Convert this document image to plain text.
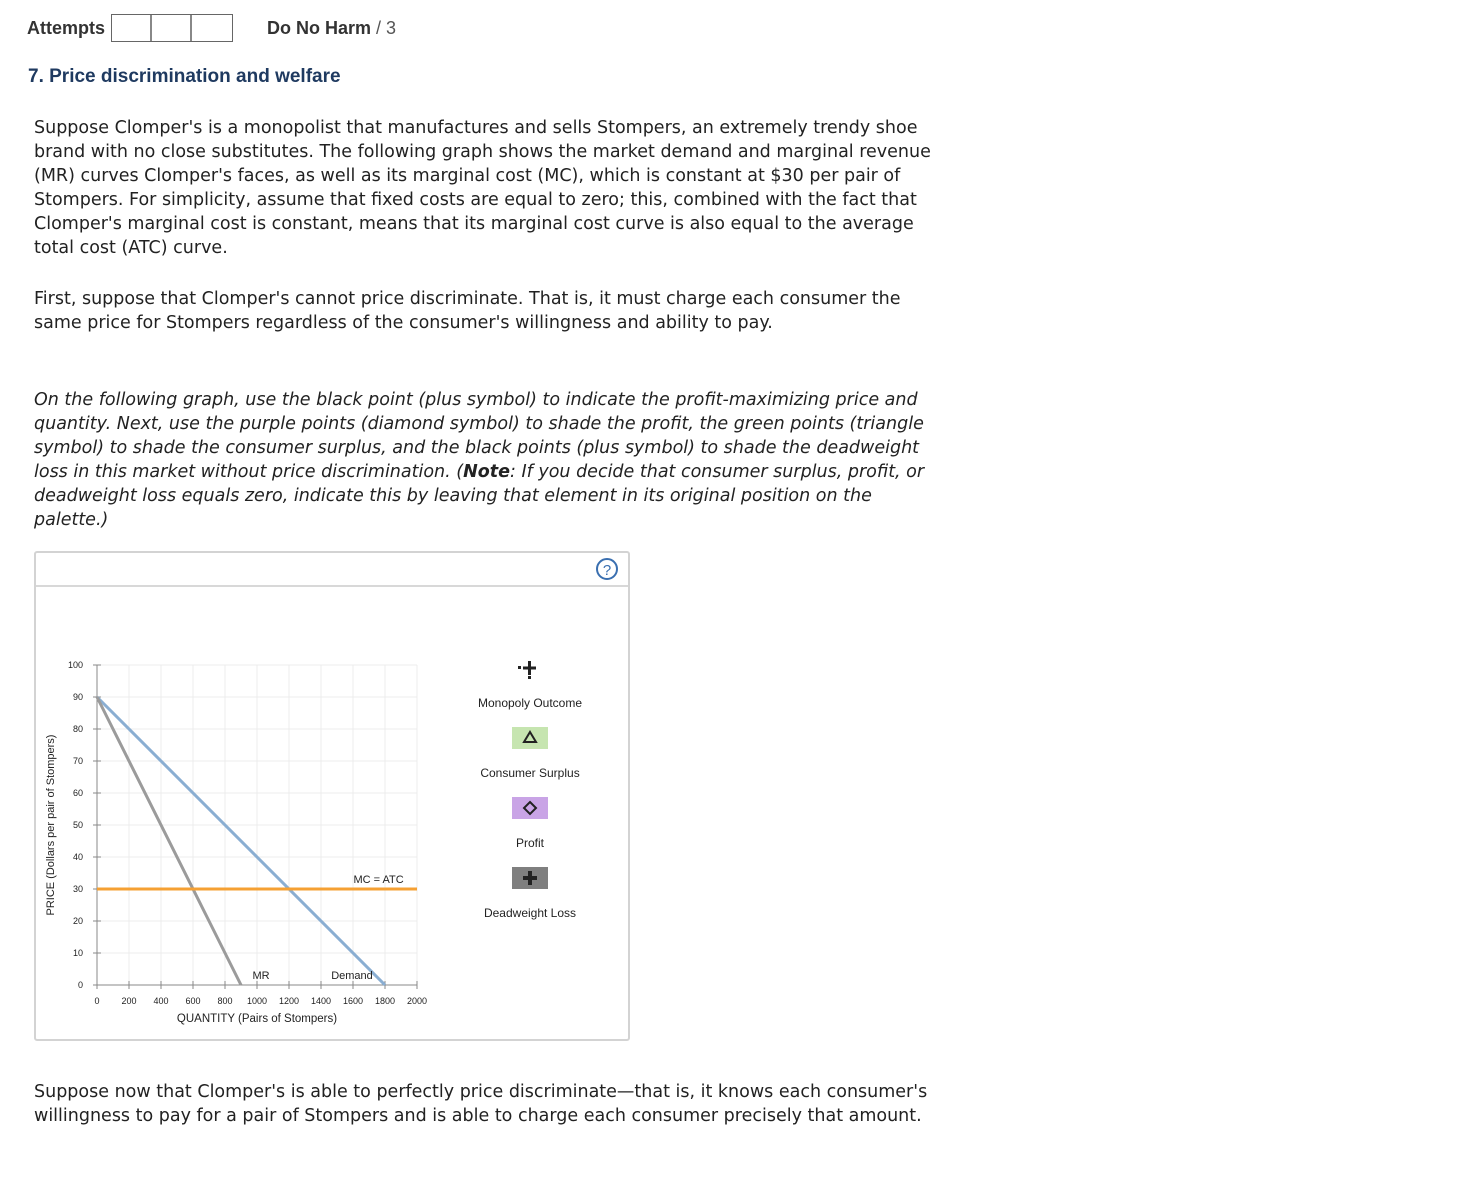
Attempts	Do No Harm / 3
7. Price discrimination and welfare

Suppose Clomper's is a monopolist that manufactures and sells Stompers, an extremely trendy shoe brand with no close substitutes. The following graph shows the market demand and marginal revenue (MR) curves Clomper's faces, as well as its marginal cost (MC), which is constant at $30 per pair of Stompers. For simplicity, assume that fixed costs are equal to zero; this, combined with the fact that Clomper's marginal cost is constant, means that its marginal cost curve is also equal to the average total cost (ATC) curve.

First, suppose that Clomper's cannot price discriminate. That is, it must charge each consumer the same price for Stompers regardless of the consumer's willingness and ability to pay.

On the following graph, use the black point (plus symbol) to indicate the profit-maximizing price and quantity. Next, use the purple points (diamond symbol) to shade the profit, the green points (triangle symbol) to shade the consumer surplus, and the black points (plus symbol) to shade the deadweight loss in this market without price discrimination. (Note: If you decide that consumer surplus, profit, or deadweight loss equals zero, indicate this by leaving that element in its original position on the palette.)

?
0
10
20
30
40
50
60
70
80
90
100
0 200 400 600 800 1000 1200 1400 1600 1800 2000
QUANTITY (Pairs of Stompers)
PRICE (Dollars per pair of Stompers)
MR	Demand
MC = ATC
Monopoly Outcome
Consumer Surplus
Profit
Deadweight Loss

Suppose now that Clomper's is able to perfectly price discriminate—that is, it knows each consumer's willingness to pay for a pair of Stompers and is able to charge each consumer precisely that amount.
